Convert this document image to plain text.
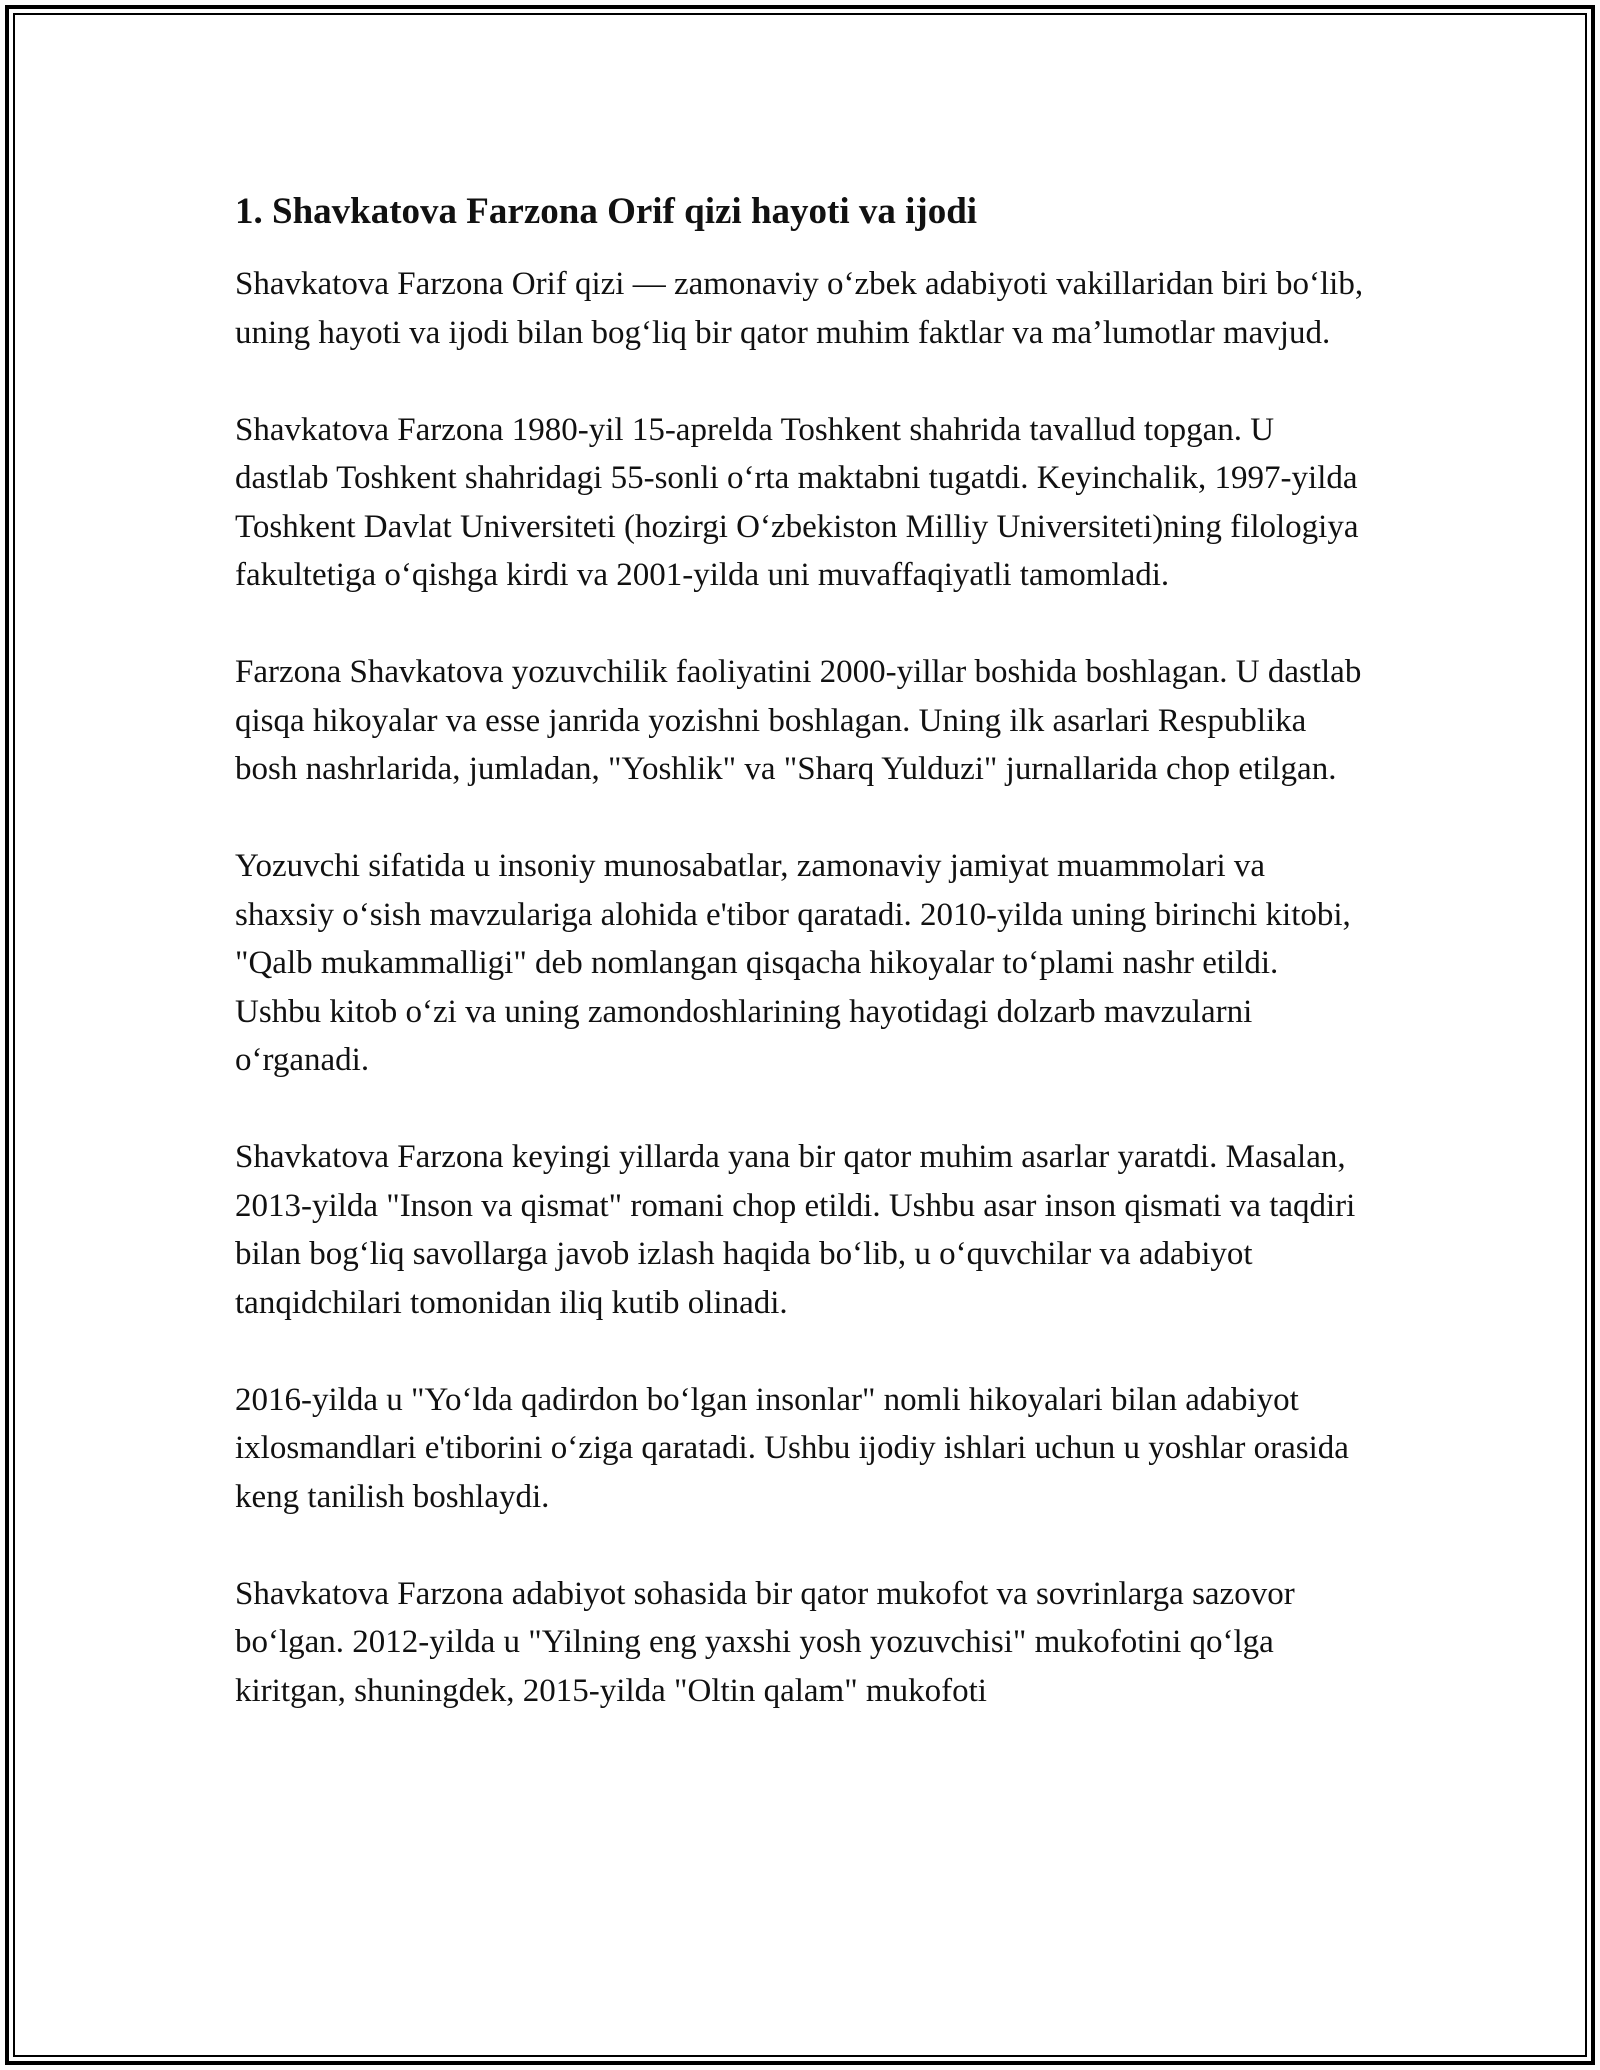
1. Shavkatova Farzona Orif qizi hayoti va ijodi

Shavkatova Farzona Orif qizi — zamonaviy oʻzbek adabiyoti vakillaridan biri boʻlib, uning hayoti va ijodi bilan bogʻliq bir qator muhim faktlar va maʼlumotlar mavjud.

Shavkatova Farzona 1980-yil 15-aprelda Toshkent shahrida tavallud topgan. U dastlab Toshkent shahridagi 55-sonli oʻrta maktabni tugatdi. Keyinchalik, 1997-yilda Toshkent Davlat Universiteti (hozirgi Oʻzbekiston Milliy Universiteti)ning filologiya fakultetiga oʻqishga kirdi va 2001-yilda uni muvaffaqiyatli tamomladi.

Farzona Shavkatova yozuvchilik faoliyatini 2000-yillar boshida boshlagan. U dastlab qisqa hikoyalar va esse janrida yozishni boshlagan. Uning ilk asarlari Respublika bosh nashrlarida, jumladan, "Yoshlik" va "Sharq Yulduzi" jurnallarida chop etilgan.

Yozuvchi sifatida u insoniy munosabatlar, zamonaviy jamiyat muammolari va shaxsiy oʻsish mavzulariga alohida e'tibor qaratadi. 2010-yilda uning birinchi kitobi, "Qalb mukammalligi" deb nomlangan qisqacha hikoyalar toʻplami nashr etildi. Ushbu kitob oʻzi va uning zamondoshlarining hayotidagi dolzarb mavzularni oʻrganadi.

Shavkatova Farzona keyingi yillarda yana bir qator muhim asarlar yaratdi. Masalan, 2013-yilda "Inson va qismat" romani chop etildi. Ushbu asar inson qismati va taqdiri bilan bogʻliq savollarga javob izlash haqida boʻlib, u oʻquvchilar va adabiyot tanqidchilari tomonidan iliq kutib olinadi.

2016-yilda u "Yoʻlda qadirdon boʻlgan insonlar" nomli hikoyalari bilan adabiyot ixlosmandlari e'tiborini oʻziga qaratadi. Ushbu ijodiy ishlari uchun u yoshlar orasida keng tanilish boshlaydi.

Shavkatova Farzona adabiyot sohasida bir qator mukofot va sovrinlarga sazovor boʻlgan. 2012-yilda u "Yilning eng yaxshi yosh yozuvchisi" mukofotini qoʻlga kiritgan, shuningdek, 2015-yilda "Oltin qalam" mukofoti
